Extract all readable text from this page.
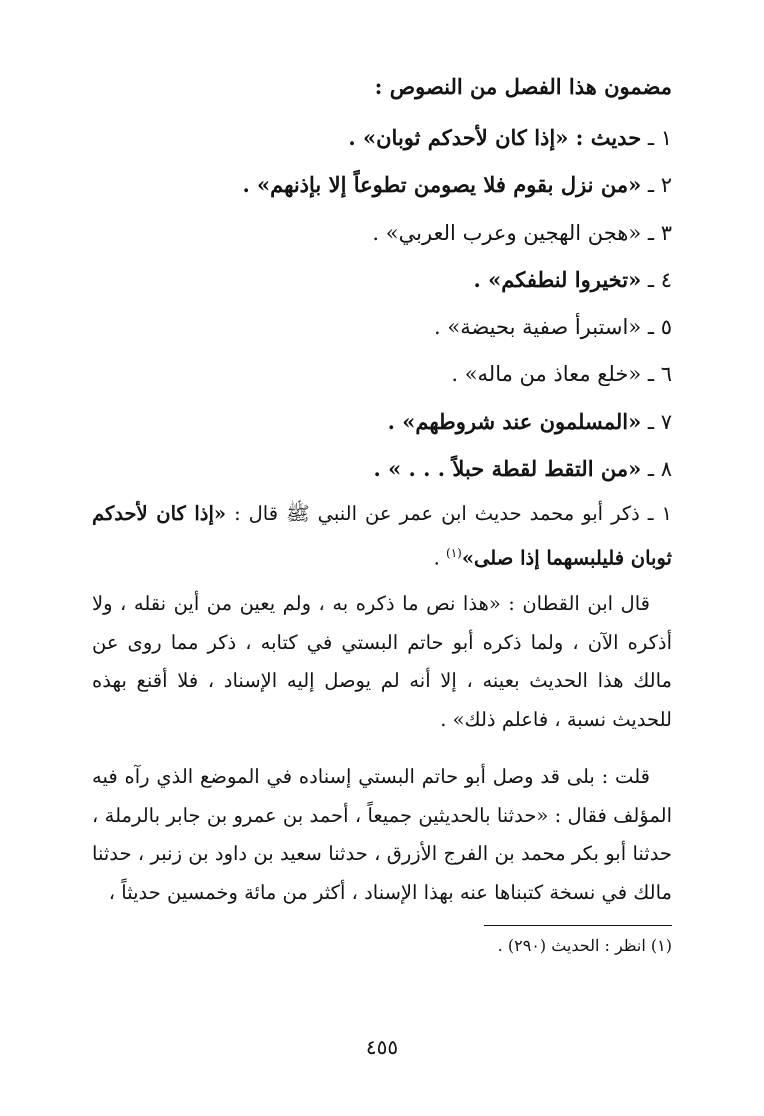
مضمون هذا الفصل من النصوص :
١ ـ حديث : «إذا كان لأحدكم ثوبان» .
٢ ـ «من نزل بقوم فلا يصومن تطوعاً إلا بإذنهم» .
٣ ـ «هجن الهجين وعرب العربي» .
٤ ـ «تخيروا لنطفكم» .
٥ ـ «استبرأ صفية بحيضة» .
٦ ـ «خلع معاذ من ماله» .
٧ ـ «المسلمون عند شروطهم» .
٨ ـ «من التقط لقطة حبلاً . . . » .

١ ـ ذكر أبو محمد حديث ابن عمر عن النبي ﷺ قال : «إذا كان لأحدكم ثوبان فليلبسهما إذا صلى»$^{(١)}$ .

قال ابن القطان : «هذا نص ما ذكره به ، ولم يعين من أين نقله ، ولا أذكره الآن ، ولما ذكره أبو حاتم البستي في كتابه ، ذكر مما روى عن مالك هذا الحديث بعينه ، إلا أنه لم يوصل إليه الإسناد ، فلا أقنع بهذه للحديث نسبة ، فاعلم ذلك» .

قلت : بلى قد وصل أبو حاتم البستي إسناده في الموضع الذي رآه فيه المؤلف فقال : «حدثنا بالحديثين جميعاً ، أحمد بن عمرو بن جابر بالرملة ، حدثنا أبو بكر محمد بن الفرج الأزرق ، حدثنا سعيد بن داود بن زنبر ، حدثنا مالك في نسخة كتبناها عنه بهذا الإسناد ، أكثر من مائة وخمسين حديثاً ،

(١) انظر : الحديث (٢٩٠) .
٤٥٥
